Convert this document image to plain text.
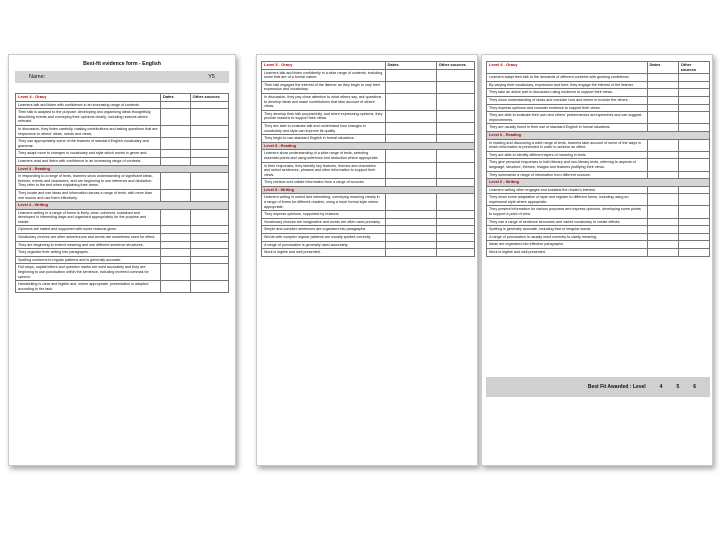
Best-fit evidence form - English
Name:	Y5
Level 4 - Oracy	Dates	Other sources
Learners talk and listen with confidence in an increasing range of contexts.		
Their talk is adapted to the purpose: developing and organising ideas thoughtfully, describing events and conveying their opinions clearly, including reasons where relevant.		
In discussion, they listen carefully, making contributions and asking questions that are responsive to others' ideas, needs and views.		
They use appropriately some of the features of standard English vocabulary and grammar.		
They adapt more to changes in vocabulary and style which words in genre and.		
Learners read and listen with confidence in an increasing range of contexts.		
Level 4 - Reading		
In responding to a range of texts, learners show understanding of significant ideas, themes, events and characters, and are beginning to use inference and deduction. They refer to the text when explaining their views.		
They locate and use ideas and information across a range of texts, with more than one source and use them effectively.		
Level 4 - Writing		
Learners writing in a range of forms is lively, clear, coherent, sustained and developed in interesting ways and organised appropriately for the purpose and reader.		
Opinions are stated and supported with some reasons given.		
Vocabulary choices are often adventurous and words are sometimes used for effect.		
They are beginning to extend meaning and use different sentence structures.		
They organise their writing into paragraphs.		
Spelling conforms to regular patterns and is generally accurate.		
Full stops, capital letters and question marks are used accurately and they are beginning to use punctuation within the sentence, including inverted commas for speech.		
Handwriting is clear and legible and, where appropriate, presentation is adapted according to the task.		
Level 5 - Oracy	Dates	Other sources
Learners talk and listen confidently in a wide range of contexts, including some that are of a formal nature.		
Their talk engages the interest of the listener as they begin to vary their expression and vocabulary.		
In discussion, they pay close attention to what others say, ask questions to develop ideas and make contributions that take account of others' views.		
They develop their talk purposefully, and when expressing opinions, they provide reasons to support their views.		
They are able to evaluate talk and understand how changes in vocabulary and style can improve its quality.		
They begin to use standard English in formal situations.		
Level 5 - Reading		
Learners show understanding of a wide range of texts, selecting essential points and using inference and deduction where appropriate.		
In their responses, they identify key features, themes and characters and select sentences, phrases and other information to support their views.		
They retrieve and collate information from a range of sources.		
Level 5 - Writing		
Learners writing is varied and interesting, conveying meaning clearly in a range of forms for different readers, using a more formal style where appropriate.		
They express opinions, supported by reasons.		
Vocabulary choices are imaginative and words are often used precisely.		
Simple and complex sentences are organised into paragraphs.		
Words with complex regular patterns are usually spelled correctly.		
A range of punctuation is generally used accurately.		
Work is legible and well presented.		
Level 6 - Oracy	Dates	Other sources
Learners adapt their talk to the demands of different contexts with growing confidence.		
By varying their vocabulary, expression and tone, they engage the interest of the listener.		
They take an active part in discussion using evidence to support their views.		
They show understanding of ideas and consider how and where to include the others.		
They express opinions and consider evidence to support their views.		
They are able to evaluate their own and others' performances and speeches and can suggest improvements.		
They are usually fluent in their use of standard English in formal situations.		
Level 6 - Reading		
In reading and discussing a wide range of texts, learners take account of some of the ways in which information is presented in order to achieve an effect.		
They are able to identify different layers of meaning in texts.		
They give personal responses to both literary and non-literary texts, referring to aspects of language, structure, themes, images and features justifying their views.		
They summarise a range of information from different sources.		
Level 6 - Writing		
Learners writing often engages and sustains the reader's interest.		
They show some adaptation of style and register to different forms, including using an impersonal style where appropriate.		
They present information for various purposes and express opinions, developing some points to support a point of view.		
They use a range of sentence structures and varied vocabulary to create effects.		
Spelling is generally accurate, including that of irregular words.		
A range of punctuation is usually used correctly to clarify meaning.		
Ideas are organised into effective paragraphs.		
Work is legible and well presented.		
Best Fit Awarded : Level	4	5	6
